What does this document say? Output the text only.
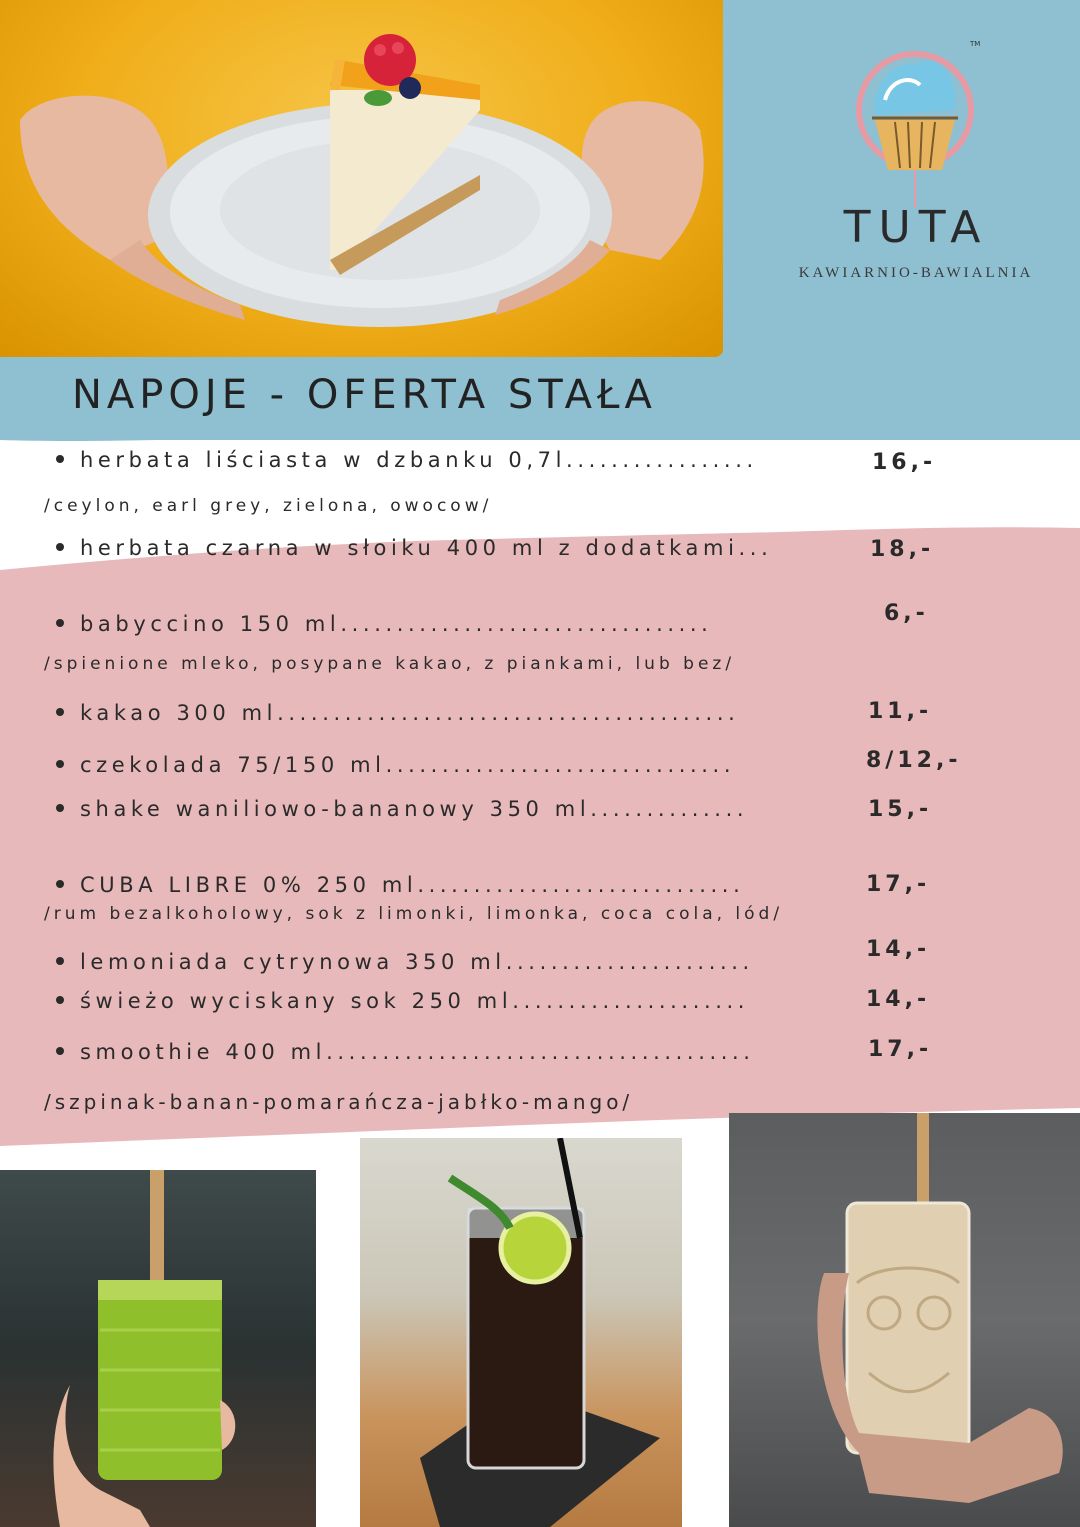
TM
TUTA
KAWIARNIO-BAWIALNIA
NAPOJE - OFERTA STAŁA
herbata liściasta w dzbanku 0,7l.................	16,-
/ceylon, earl grey, zielona, owocow/
herbata czarna w słoiku 400 ml z dodatkami...	18,-
babyccino 150 ml.................................	6,-
/spienione mleko, posypane kakao, z piankami, lub bez/
kakao 300 ml.........................................	11,-
czekolada 75/150 ml...............................	8/12,-
shake waniliowo-bananowy 350 ml..............	15,-
CUBA LIBRE 0% 250 ml.............................	17,-
/rum bezalkoholowy, sok z limonki, limonka, coca cola, lód/
lemoniada cytrynowa 350 ml......................	14,-
świeżo wyciskany sok 250 ml.....................	14,-
smoothie 400 ml......................................	17,-
/szpinak-banan-pomarańcza-jabłko-mango/
